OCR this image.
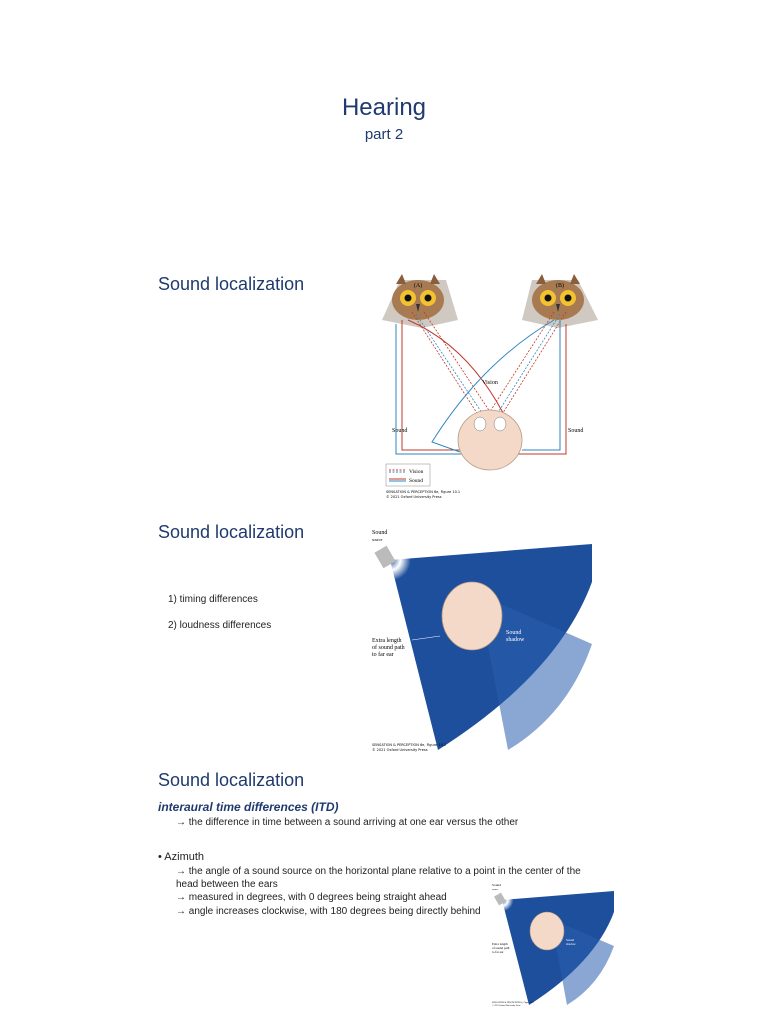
Hearing
part 2
Sound localization	(A)	(B)
Vision
Sound	Sound
Vision
Sound
SENSATION & PERCEPTION 6e, Figure 10.1
© 2021 Oxford University Press
Sound localization
1) timing differences
2) loudness differences
Sound
source
Extra length
of sound path
to far ear
Sound
shadow
SENSATION & PERCEPTION 6e, Figure 10.2
© 2021 Oxford University Press
Sound localization
interaural time differences (ITD)
→ the difference in time between a sound arriving at one ear versus the other
• Azimuth
→ the angle of a sound source on the horizontal plane relative to a point in the center of the
head between the ears
→ measured in degrees, with 0 degrees being straight ahead
→ angle increases clockwise, with 180 degrees being directly behind
Sound
source
Extra length
of sound path
to far ear
Sound
shadow
SENSATION & PERCEPTION 6e, Figure 10.2
© 2021 Oxford University Press
